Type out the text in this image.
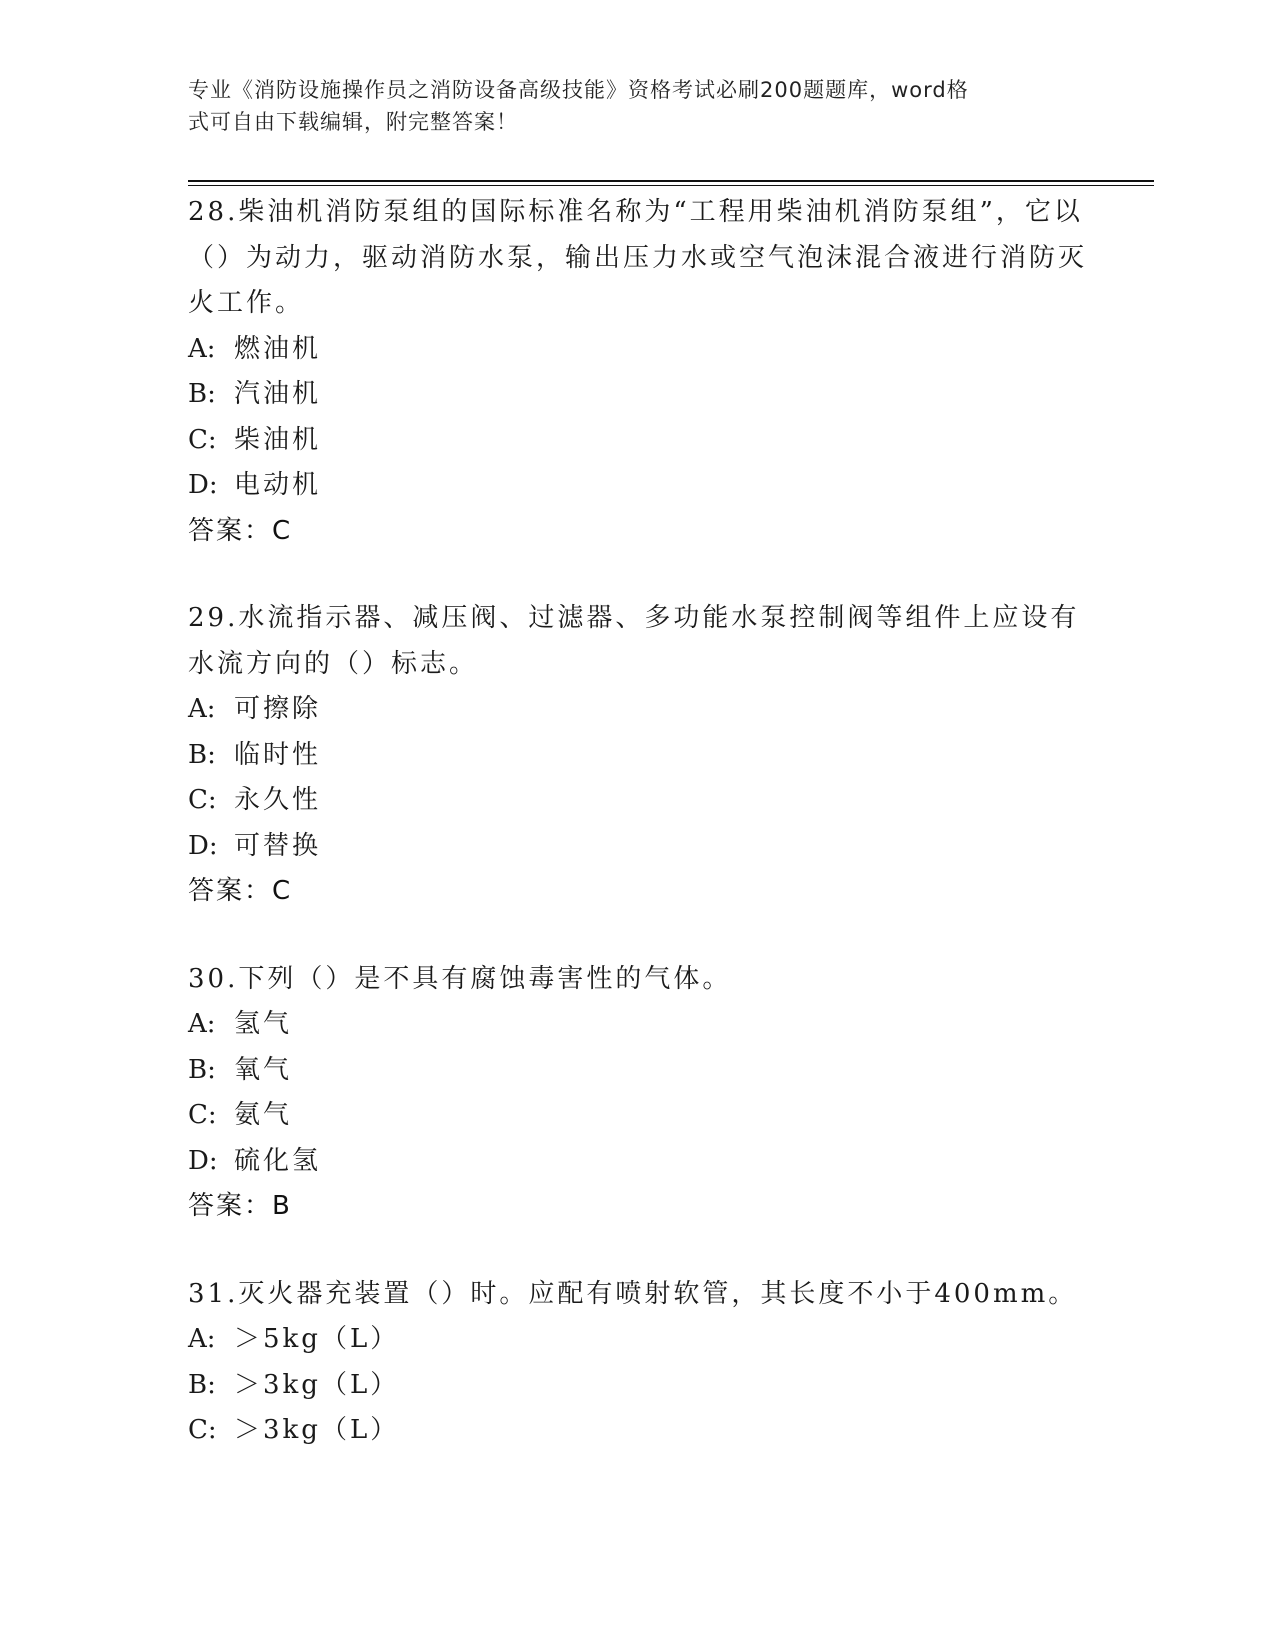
专业《消防设施操作员之消防设备高级技能》资格考试必刷200题题库，word格
式可自由下载编辑，附完整答案！
28.柴油机消防泵组的国际标准名称为“工程用柴油机消防泵组”，它以（）为动力，驱动消防水泵，输出压力水或空气泡沫混合液进行消防灭火工作。
A: 燃油机
B: 汽油机
C: 柴油机
D: 电动机
答案：C
29.水流指示器、减压阀、过滤器、多功能水泵控制阀等组件上应设有水流方向的（）标志。
A: 可擦除
B: 临时性
C: 永久性
D: 可替换
答案：C
30.下列（）是不具有腐蚀毒害性的气体。
A: 氢气
B: 氧气
C: 氨气
D: 硫化氢
答案：B
31.灭火器充装置（）时。应配有喷射软管，其长度不小于400mm。
A: ＞5kg（L）
B: ＞3kg（L）
C: ＞3kg（L）
